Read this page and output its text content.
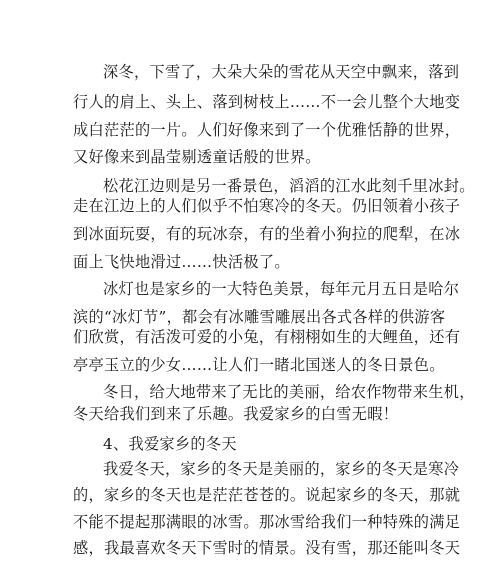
深冬，下雪了，大朵大朵的雪花从天空中飘来，落到
行人的肩上、头上、落到树枝上……不一会儿整个大地变
成白茫茫的一片。人们好像来到了一个优雅恬静的世界，
又好像来到晶莹剔透童话般的世界。
松花江边则是另一番景色，滔滔的江水此刻千里冰封。
走在江边上的人们似乎不怕寒冷的冬天。仍旧领着小孩子
到冰面玩耍，有的玩冰奈，有的坐着小狗拉的爬犁，在冰
面上飞快地滑过……快活极了。
冰灯也是家乡的一大特色美景，每年元月五日是哈尔
滨的“冰灯节”，都会有冰雕雪雕展出各式各样的供游客
们欣赏，有活泼可爱的小兔，有栩栩如生的大鲤鱼，还有
亭亭玉立的少女……让人们一睹北国迷人的冬日景色。
冬日，给大地带来了无比的美丽，给农作物带来生机，
冬天给我们到来了乐趣。我爱家乡的白雪无暇！
4、我爱家乡的冬天
我爱冬天，家乡的冬天是美丽的，家乡的冬天是寒冷
的，家乡的冬天也是茫茫苍苍的。说起家乡的冬天，那就
不能不提起那满眼的冰雪。那冰雪给我们一种特殊的满足
感，我最喜欢冬天下雪时的情景。没有雪，那还能叫冬天
